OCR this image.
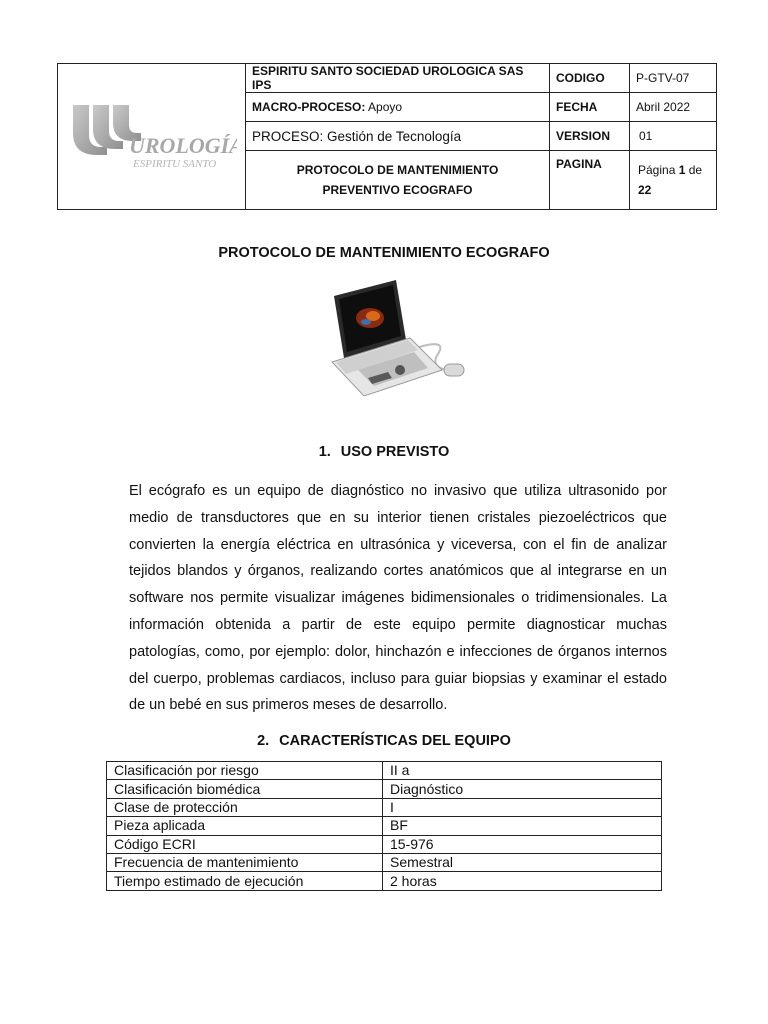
UROLOGÍA
ESPIRITU SANTO	ESPIRITU SANTO SOCIEDAD UROLOGICA SAS IPS	CODIGO	P-GTV-07
	MACRO-PROCESO: Apoyo	FECHA	Abril 2022
	PROCESO: Gestión de Tecnología	VERSION	01
	PROTOCOLO DE MANTENIMIENTO PREVENTIVO ECOGRAFO	PAGINA	Página 1 de 22
PROTOCOLO DE MANTENIMIENTO ECOGRAFO
1. USO PREVISTO

El ecógrafo es un equipo de diagnóstico no invasivo que utiliza ultrasonido por medio de transductores que en su interior tienen cristales piezoeléctricos que convierten la energía eléctrica en ultrasónica y viceversa, con el fin de analizar tejidos blandos y órganos, realizando cortes anatómicos que al integrarse en un software nos permite visualizar imágenes bidimensionales o tridimensionales. La información obtenida a partir de este equipo permite diagnosticar muchas patologías, como, por ejemplo: dolor, hinchazón e infecciones de órganos internos del cuerpo, problemas cardiacos, incluso para guiar biopsias y examinar el estado de un bebé en sus primeros meses de desarrollo.

2. CARACTERÍSTICAS DEL EQUIPO
Clasificación por riesgo	II a
Clasificación biomédica	Diagnóstico
Clase de protección	I
Pieza aplicada	BF
Código ECRI	15-976
Frecuencia de mantenimiento	Semestral
Tiempo estimado de ejecución	2 horas
